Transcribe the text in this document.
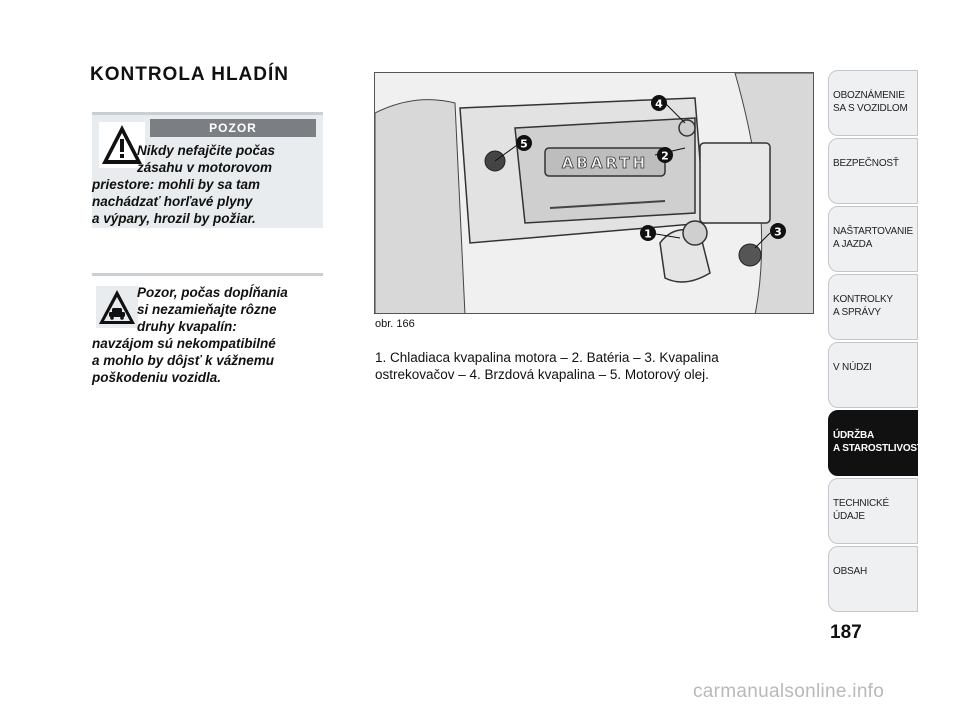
KONTROLA HLADÍN
POZOR

Nikdy nefajčite počas
zásahu v motorovom
priestore: mohli by sa tam
nachádzať horľavé plyny
a výpary, hrozil by požiar.

Pozor, počas dopĺňania
si nezamieňajte rôzne
druhy kvapalín:
navzájom sú nekompatibilné
a mohlo by dôjsť k vážnemu
poškodeniu vozidla.

ABARTH
1
2
3
4
5
obr. 166
1. Chladiaca kvapalina motora – 2. Batéria – 3. Kvapalina
ostrekovačov – 4. Brzdová kvapalina – 5. Motorový olej.
OBOZNÁMENIE
SA S VOZIDLOM
BEZPEČNOSŤ
NAŠTARTOVANIE
A JAZDA
KONTROLKY
A SPRÁVY
V NÚDZI
ÚDRŽBA
A STAROSTLIVOSŤ
TECHNICKÉ
ÚDAJE
OBSAH
187
carmanualsonline.info
